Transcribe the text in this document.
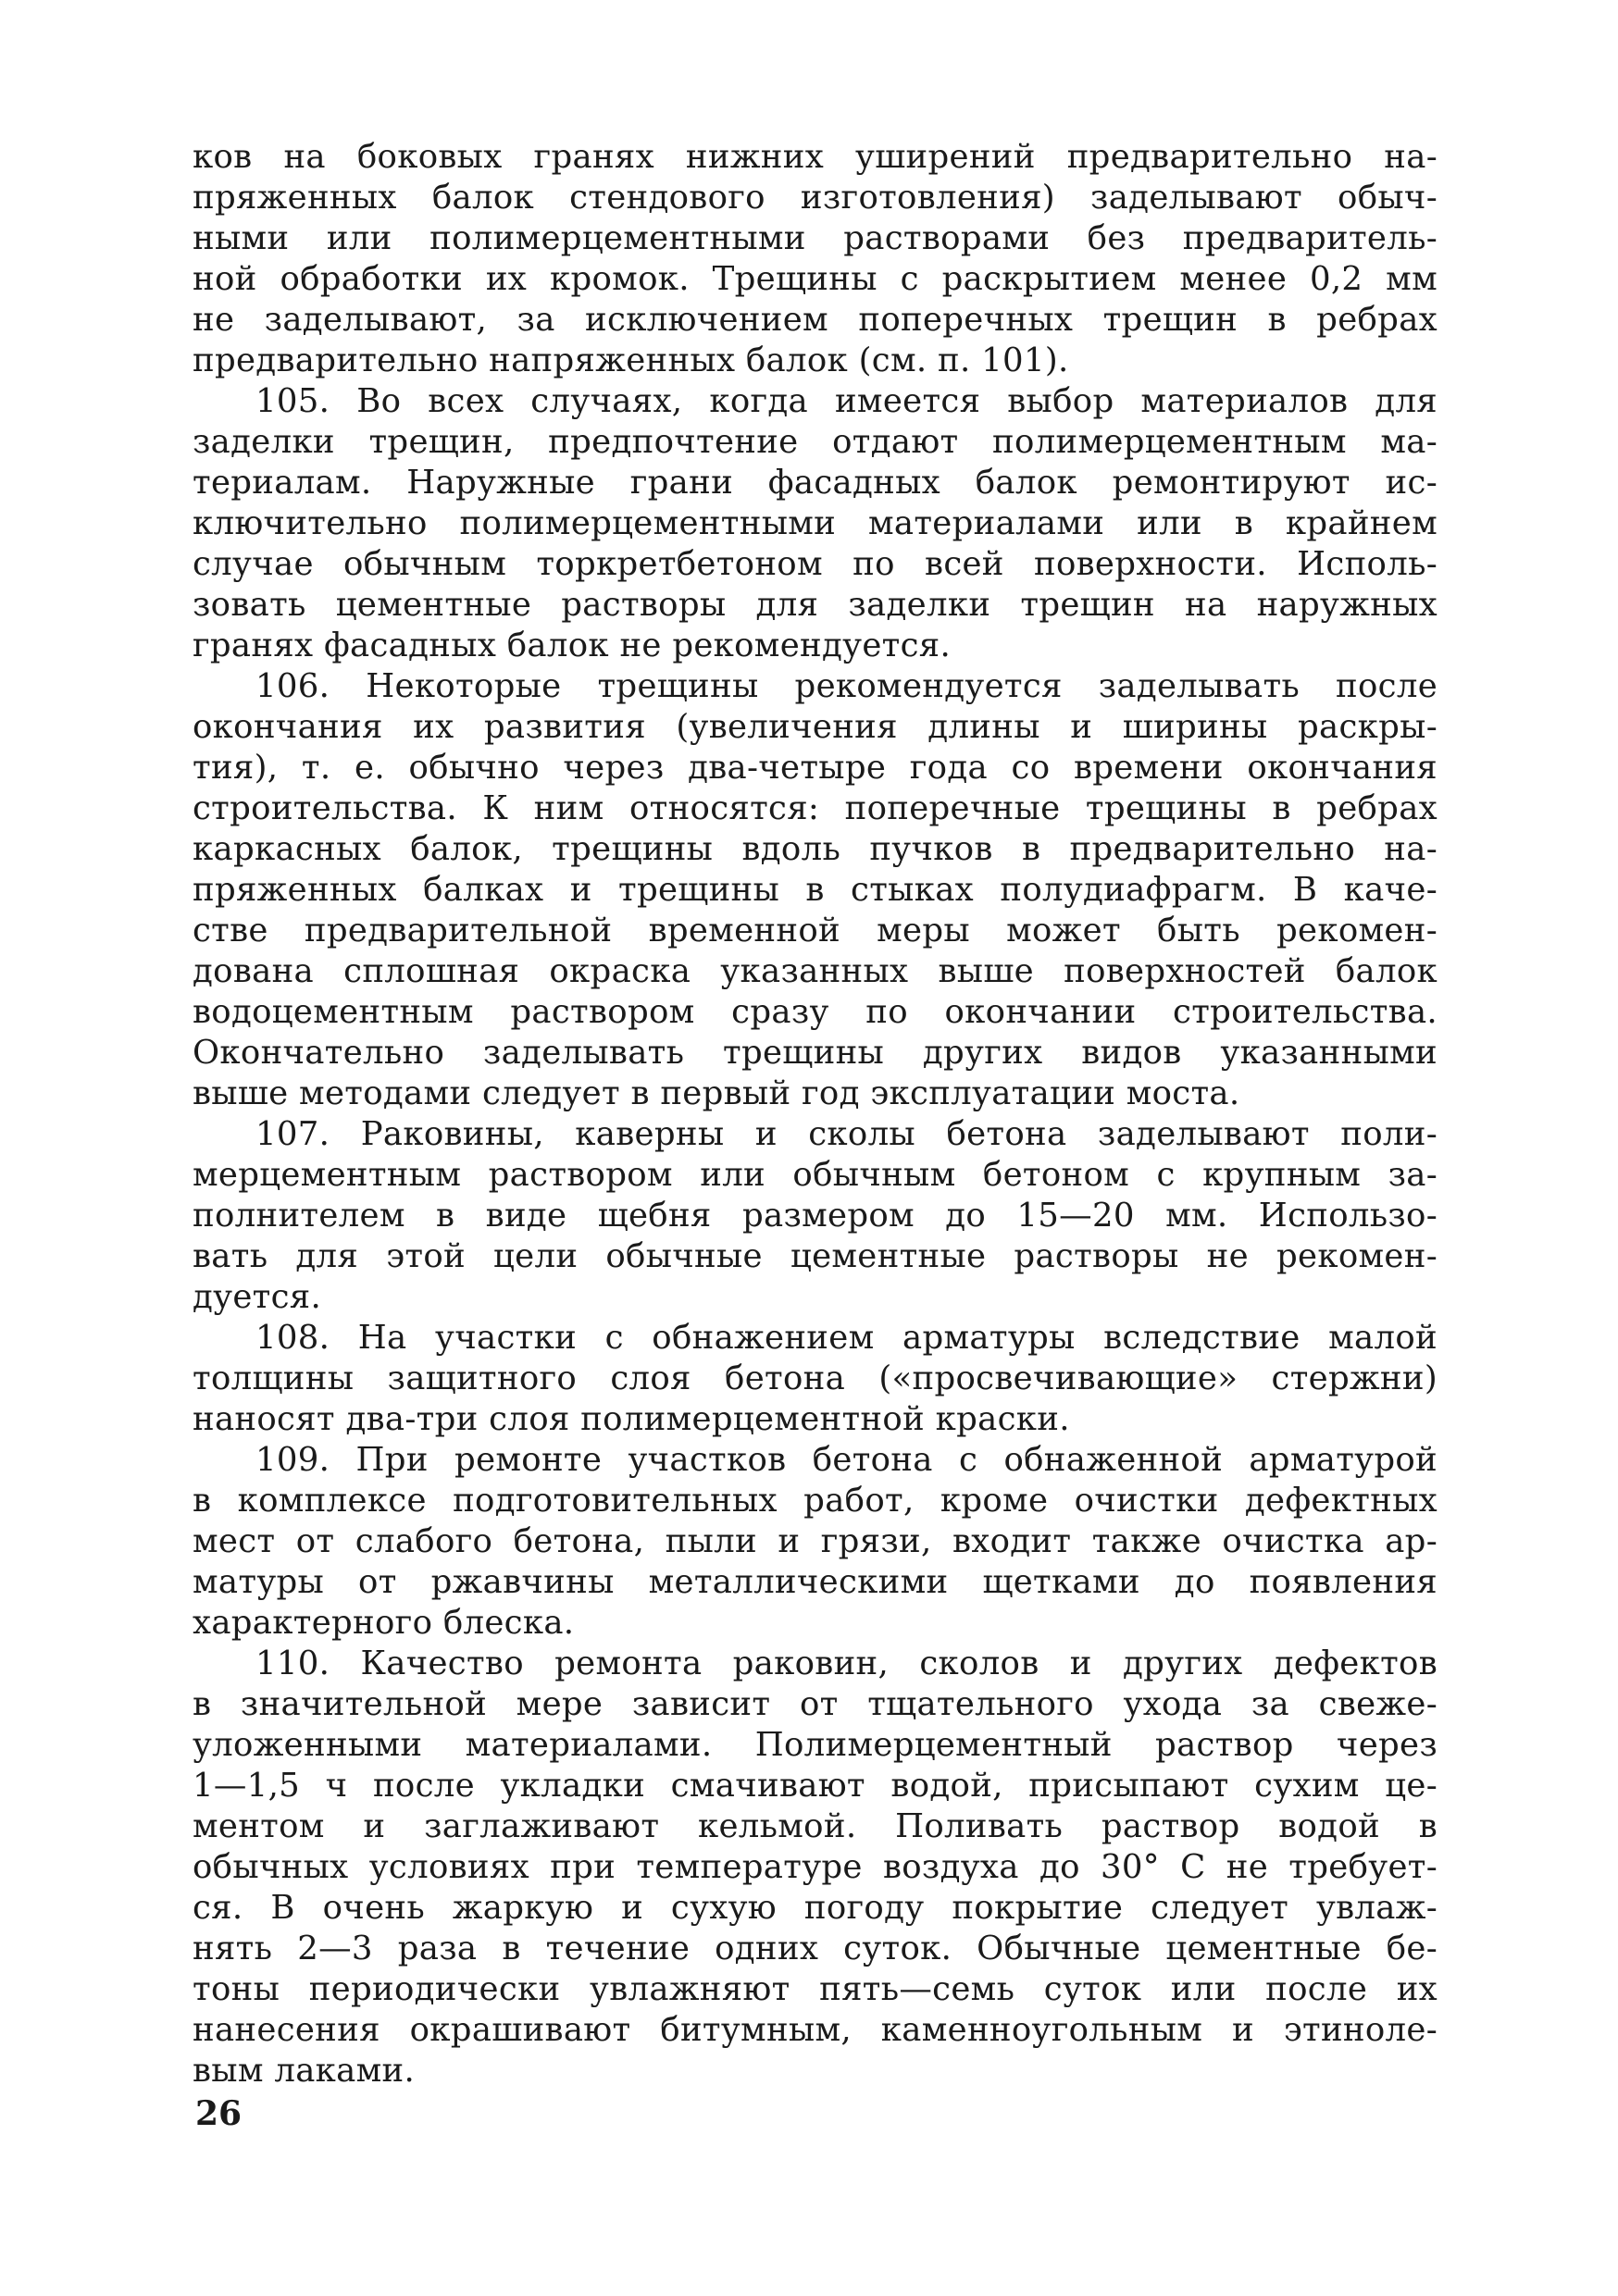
ков на боковых гранях нижних уширений предварительно на-
пряженных балок стендового изготовления) заделывают обыч-
ными или полимерцементными растворами без предваритель-
ной обработки их кромок. Трещины с раскрытием менее 0,2 мм
не заделывают, за исключением поперечных трещин в ребрах
предварительно напряженных балок (см. п. 101).
105. Во всех случаях, когда имеется выбор материалов для
заделки трещин, предпочтение отдают полимерцементным ма-
териалам. Наружные грани фасадных балок ремонтируют ис-
ключительно полимерцементными материалами или в крайнем
случае обычным торкретбетоном по всей поверхности. Исполь-
зовать цементные растворы для заделки трещин на наружных
гранях фасадных балок не рекомендуется.
106. Некоторые трещины рекомендуется заделывать после
окончания их развития (увеличения длины и ширины раскры-
тия), т. е. обычно через два-четыре года со времени окончания
строительства. К ним относятся: поперечные трещины в ребрах
каркасных балок, трещины вдоль пучков в предварительно на-
пряженных балках и трещины в стыках полудиафрагм. В каче-
стве предварительной временной меры может быть рекомен-
дована сплошная окраска указанных выше поверхностей балок
водоцементным раствором сразу по окончании строительства.
Окончательно заделывать трещины других видов указанными
выше методами следует в первый год эксплуатации моста.
107. Раковины, каверны и сколы бетона заделывают поли-
мерцементным раствором или обычным бетоном с крупным за-
полнителем в виде щебня размером до 15—20 мм. Использо-
вать для этой цели обычные цементные растворы не рекомен-
дуется.
108. На участки с обнажением арматуры вследствие малой
толщины защитного слоя бетона («просвечивающие» стержни)
наносят два-три слоя полимерцементной краски.
109. При ремонте участков бетона с обнаженной арматурой
в комплексе подготовительных работ, кроме очистки дефектных
мест от слабого бетона, пыли и грязи, входит также очистка ар-
матуры от ржавчины металлическими щетками до появления
характерного блеска.
110. Качество ремонта раковин, сколов и других дефектов
в значительной мере зависит от тщательного ухода за свеже-
уложенными материалами. Полимерцементный раствор через
1—1,5 ч после укладки смачивают водой, присыпают сухим це-
ментом и заглаживают кельмой. Поливать раствор водой в
обычных условиях при температуре воздуха до 30° С не требует-
ся. В очень жаркую и сухую погоду покрытие следует увлаж-
нять 2—3 раза в течение одних суток. Обычные цементные бе-
тоны периодически увлажняют пять—семь суток или после их
нанесения окрашивают битумным, каменноугольным и этиноле-
вым лаками.
26
